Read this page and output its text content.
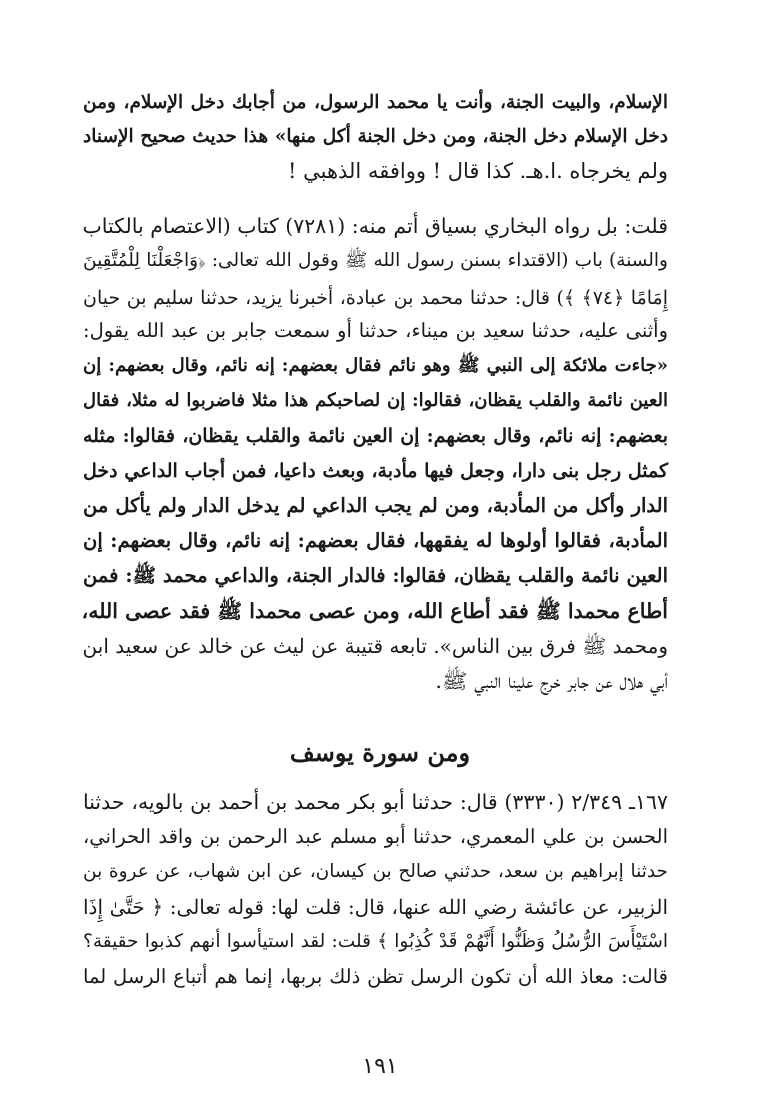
الإسلام، والبيت الجنة، وأنت يا محمد الرسول، من أجابك دخل الإسلام، ومن
دخل الإسلام دخل الجنة، ومن دخل الجنة أكل منها» هذا حديث صحيح الإسناد
ولم يخرجاه .ا.هـ. كذا قال ! ووافقه الذهبي !
قلت: بل رواه البخاري بسياق أتم منه: (٧٢٨١) كتاب (الاعتصام بالكتاب
والسنة) باب (الاقتداء بسنن رسول الله ﷺ وقول الله تعالى: ﴿وَاجْعَلْنَا لِلْمُتَّقِينَ
إِمَامًا ﴿٧٤﴾ ﴾) قال: حدثنا محمد بن عبادة، أخبرنا يزيد، حدثنا سليم بن حيان
وأثنى عليه، حدثنا سعيد بن ميناء، حدثنا أو سمعت جابر بن عبد الله يقول:
«جاءت ملائكة إلى النبي ﷺ وهو نائم فقال بعضهم: إنه نائم، وقال بعضهم: إن
العين نائمة والقلب يقظان، فقالوا: إن لصاحبكم هذا مثلا فاضربوا له مثلا، فقال
بعضهم: إنه نائم، وقال بعضهم: إن العين نائمة والقلب يقظان، فقالوا: مثله
كمثل رجل بنى دارا، وجعل فيها مأدبة، وبعث داعيا، فمن أجاب الداعي دخل
الدار وأكل من المأدبة، ومن لم يجب الداعي لم يدخل الدار ولم يأكل من
المأدبة، فقالوا أولوها له يفقهها، فقال بعضهم: إنه نائم، وقال بعضهم: إن
العين نائمة والقلب يقظان، فقالوا: فالدار الجنة، والداعي محمد ﷺ: فمن
أطاع محمدا ﷺ فقد أطاع الله، ومن عصى محمدا ﷺ فقد عصى الله،
ومحمد ﷺ فرق بين الناس». تابعه قتيبة عن ليث عن خالد عن سعيد ابن
أبي هلال عن جابر خرج علينا النبي ﷺ.
ومن سورة يوسف
١٦٧ـ ٢/٣٤٩ (٣٣٣٠) قال: حدثنا أبو بكر محمد بن أحمد بن بالويه، حدثنا
الحسن بن علي المعمري، حدثنا أبو مسلم عبد الرحمن بن واقد الحراني،
حدثنا إبراهيم بن سعد، حدثني صالح بن كيسان، عن ابن شهاب، عن عروة بن
الزبير، عن عائشة رضي الله عنها، قال: قلت لها: قوله تعالى: ﴿ حَتَّىٰ إِذَا
اسْتَيْأَسَ الرُّسُلُ وَظَنُّوا أَنَّهُمْ قَدْ كُذِبُوا ﴾ قلت: لقد استيأسوا أنهم كذبوا حقيقة؟
قالت: معاذ الله أن تكون الرسل تظن ذلك بربها، إنما هم أتباع الرسل لما
١٩١
